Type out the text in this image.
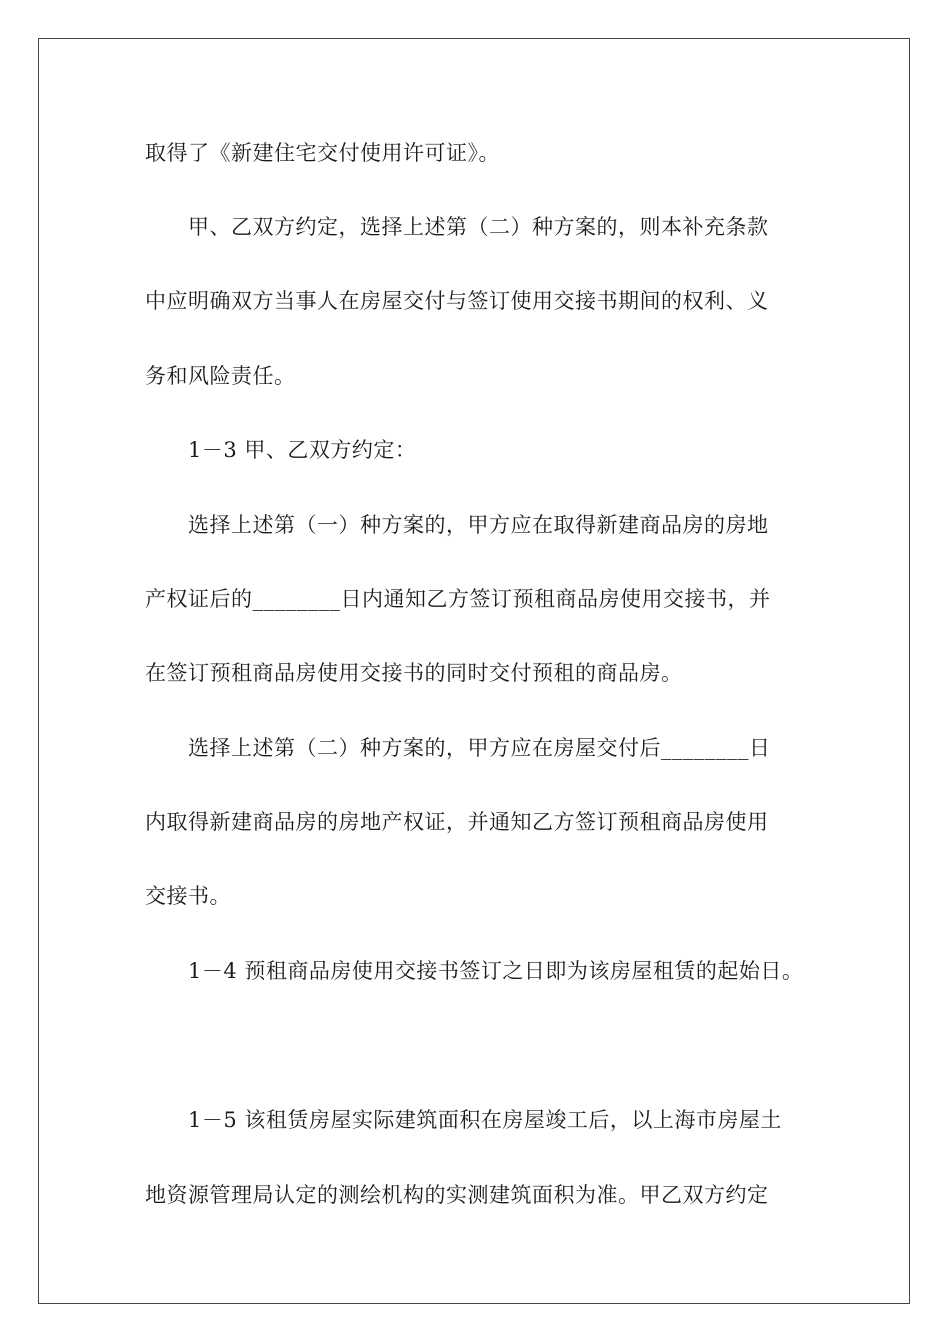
取得了《新建住宅交付使用许可证》。
甲、乙双方约定，选择上述第（二）种方案的，则本补充条款
中应明确双方当事人在房屋交付与签订使用交接书期间的权利、义
务和风险责任。
1－3 甲、乙双方约定：
选择上述第（一）种方案的，甲方应在取得新建商品房的房地
产权证后的________日内通知乙方签订预租商品房使用交接书，并
在签订预租商品房使用交接书的同时交付预租的商品房。
选择上述第（二）种方案的，甲方应在房屋交付后________日
内取得新建商品房的房地产权证，并通知乙方签订预租商品房使用
交接书。
1－4 预租商品房使用交接书签订之日即为该房屋租赁的起始日。
1－5 该租赁房屋实际建筑面积在房屋竣工后，以上海市房屋土
地资源管理局认定的测绘机构的实测建筑面积为准。甲乙双方约定
